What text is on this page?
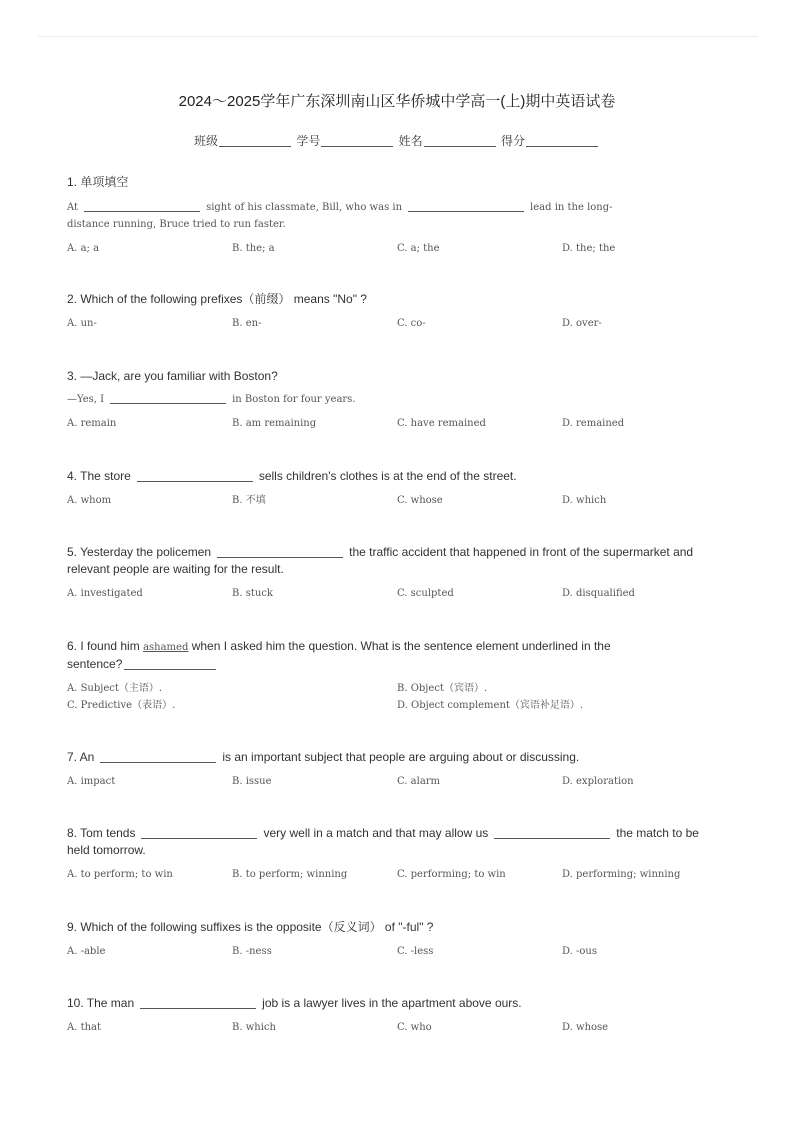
2024～2025学年广东深圳南山区华侨城中学高一(上)期中英语试卷
班级	学号	姓名	得分
1. 单项填空
At	sight of his classmate, Bill, who was in	lead in the long-
distance running, Bruce tried to run faster.
A. a; a	B. the; a	C. a; the	D. the; the
2. Which of the following prefixes（前缀） means "No" ?
A. un-	B. en-	C. co-	D. over-
3. —Jack, are you familiar with Boston?
—Yes, I	in Boston for four years.
A. remain	B. am remaining	C. have remained	D. remained
4. The store	sells children's clothes is at the end of the street.
A. whom	B. 不填	C. whose	D. which
5. Yesterday the policemen	the traffic accident that happened in front of the supermarket and
relevant people are waiting for the result.
A. investigated	B. stuck	C. sculpted	D. disqualified
6. I found him ashamed when I asked him the question. What is the sentence element underlined in the
sentence?
A. Subject（主语）.	B. Object（宾语）.
C. Predictive（表语）.	D. Object complement（宾语补足语）.
7. An	is an important subject that people are arguing about or discussing.
A. impact	B. issue	C. alarm	D. exploration
8. Tom tends	very well in a match and that may allow us	the match to be
held tomorrow.
A. to perform; to win	B. to perform; winning	C. performing; to win	D. performing; winning
9. Which of the following suffixes is the opposite（反义词） of "-ful" ?
A. -able	B. -ness	C. -less	D. -ous
10. The man	job is a lawyer lives in the apartment above ours.
A. that	B. which	C. who	D. whose
